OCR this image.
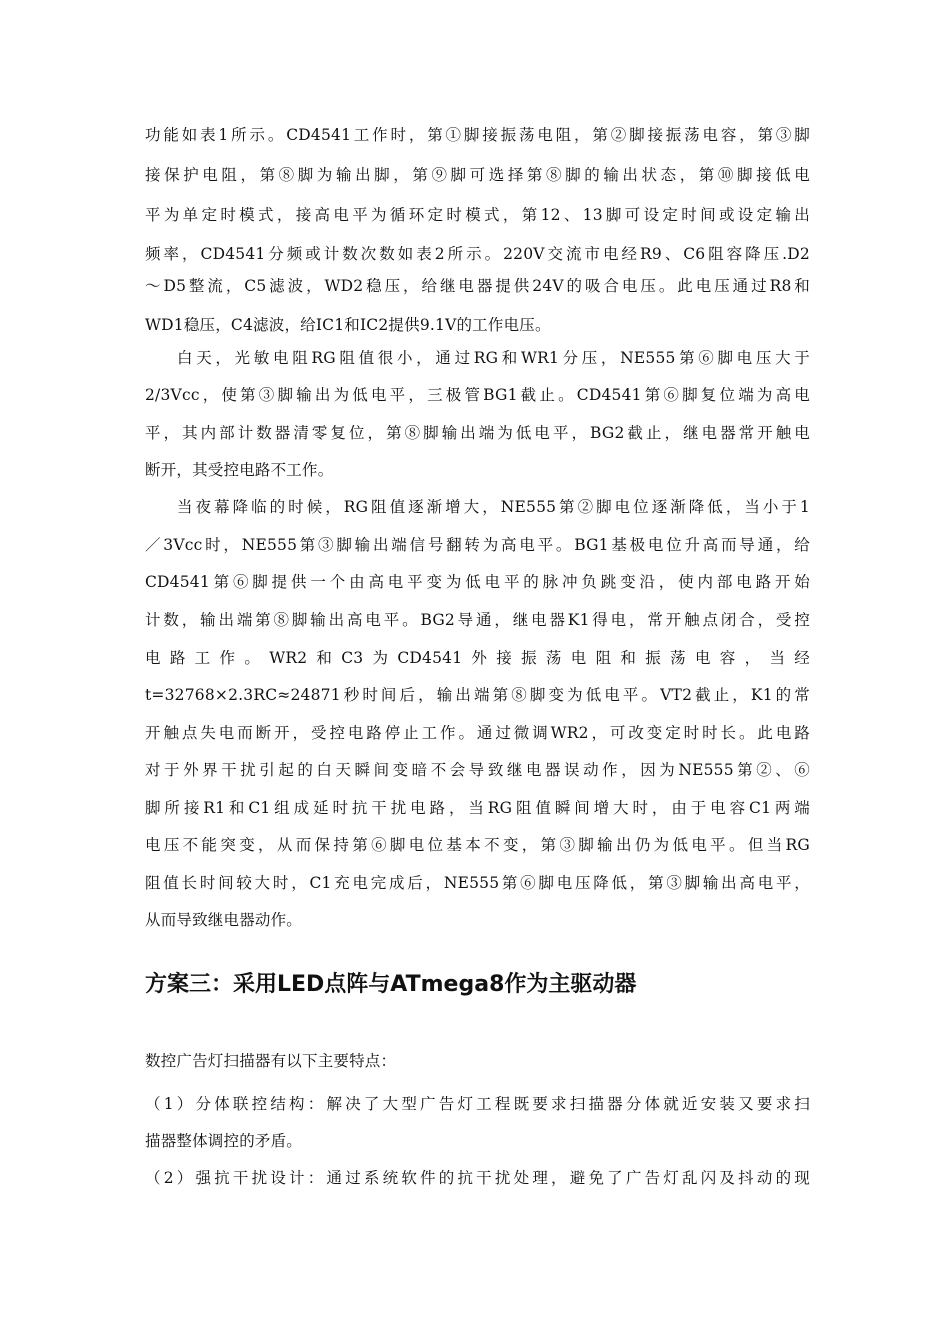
功能如表1所示。CD4541工作时，第①脚接振荡电阻，第②脚接振荡电容，第③脚
接保护电阻，第⑧脚为输出脚，第⑨脚可选择第⑧脚的输出状态，第⑩脚接低电
平为单定时模式，接高电平为循环定时模式，第12、13脚可设定时间或设定输出
频率，CD4541分频或计数次数如表2所示。220V交流市电经R9、C6阻容降压.D2
～D5整流，C5滤波，WD2稳压，给继电器提供24V的吸合电压。此电压通过R8和
WD1稳压，C4滤波，给IC1和IC2提供9.1V的工作电压。
白天，光敏电阻RG阻值很小，通过RG和WR1分压，NE555第⑥脚电压大于
2/3Vcc，使第③脚输出为低电平，三极管BG1截止。CD4541第⑥脚复位端为高电
平，其内部计数器清零复位，第⑧脚输出端为低电平，BG2截止，继电器常开触电
断开，其受控电路不工作。
当夜幕降临的时候，RG阻值逐渐增大，NE555第②脚电位逐渐降低，当小于1
／3Vcc时，NE555第③脚输出端信号翻转为高电平。BG1基极电位升高而导通，给
CD4541第⑥脚提供一个由高电平变为低电平的脉冲负跳变沿，使内部电路开始
计数，输出端第⑧脚输出高电平。BG2导通，继电器K1得电，常开触点闭合，受控
电路工作。WR2和C3为CD4541外接振荡电阻和振荡电容，当经
t=32768×2.3RC≈24871秒时间后，输出端第⑧脚变为低电平。VT2截止，K1的常
开触点失电而断开，受控电路停止工作。通过微调WR2，可改变定时时长。此电路
对于外界干扰引起的白天瞬间变暗不会导致继电器误动作，因为NE555第②、⑥
脚所接R1和C1组成延时抗干扰电路，当RG阻值瞬间增大时，由于电容C1两端
电压不能突变，从而保持第⑥脚电位基本不变，第③脚输出仍为低电平。但当RG
阻值长时间较大时，C1充电完成后，NE555第⑥脚电压降低，第③脚输出高电平，
从而导致继电器动作。
方案三：采用LED点阵与ATmega8作为主驱动器
数控广告灯扫描器有以下主要特点：
（1）分体联控结构：解决了大型广告灯工程既要求扫描器分体就近安装又要求扫
描器整体调控的矛盾。
（2）强抗干扰设计：通过系统软件的抗干扰处理，避免了广告灯乱闪及抖动的现
